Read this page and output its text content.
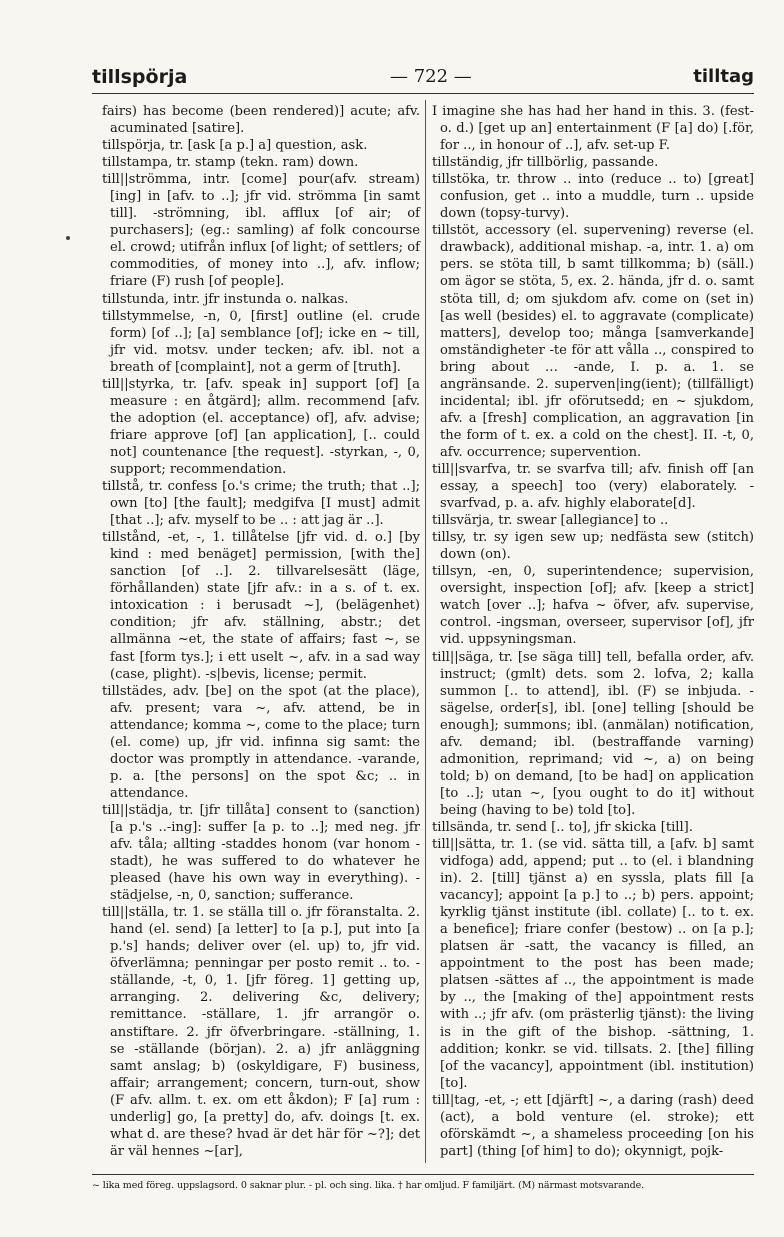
tillspörja	— 722 —	tilltag

fairs) has become (been rendered)] acute; afv. acuminated [satire].

tillspörja, tr. [ask [a p.] a] question, ask.

tillstampa, tr. stamp (tekn. ram) down.

till||strömma, intr. [come] pour(afv. stream)[ing] in [afv. to ..]; jfr vid. strömma [in samt till]. -strömning, ibl. afflux [of air; of purchasers]; (eg.: samling) af folk concourse el. crowd; utifrån influx [of light; of settlers; of commodities, of money into ..], afv. inflow; friare (F) rush [of people].

tillstunda, intr. jfr instunda o. nalkas.

tillstymmelse, -n, 0, [first] outline (el. crude form) [of ..]; [a] semblance [of]; icke en ~ till, jfr vid. motsv. under tecken; afv. ibl. not a breath of [complaint], not a germ of [truth].

till||styrka, tr. [afv. speak in] support [of] [a measure : en åtgärd]; allm. recommend [afv. the adoption (el. acceptance) of], afv. advise; friare approve [of] [an application], [.. could not] countenance [the request]. -styrkan, -, 0, support; recommendation.

tillstå, tr. confess [o.'s crime; the truth; that ..]; own [to] [the fault]; medgifva [I must] admit [that ..]; afv. myself to be .. : att jag är ..].

tillstånd, -et, -, 1. tillåtelse [jfr vid. d. o.] [by kind : med benäget] permission, [with the] sanction [of ..]. 2. tillvarelsesätt (läge, förhållanden) state [jfr afv.: in a s. of t. ex. intoxication : i berusadt ~], (belägenhet) condition; jfr afv. ställning, abstr.; det allmänna ~et, the state of affairs; fast ~, se fast [form tys.]; i ett uselt ~, afv. in a sad way (case, plight). -s|bevis, license; permit.

tillstädes, adv. [be] on the spot (at the place), afv. present; vara ~, afv. attend, be in attendance; komma ~, come to the place; turn (el. come) up, jfr vid. infinna sig samt: the doctor was promptly in attendance. -varande, p. a. [the persons] on the spot &c; .. in attendance.

till||städja, tr. [jfr tillåta] consent to (sanction) [a p.'s ..-ing]: suffer [a p. to ..]; med neg. jfr afv. tåla; allting -staddes honom (var honom -stadt), he was suffered to do whatever he pleased (have his own way in everything). -städjelse, -n, 0, sanction; sufferance.

till||ställa, tr. 1. se ställa till o. jfr föranstalta. 2. hand (el. send) [a letter] to [a p.], put into [a p.'s] hands; deliver over (el. up) to, jfr vid. öfverlämna; penningar per posto remit .. to. -ställande, -t, 0, 1. [jfr föreg. 1] getting up, arranging. 2. delivering &c, delivery; remittance. -ställare, 1. jfr arrangör o. anstiftare. 2. jfr öfverbringare. -ställning, 1. se -ställande (början). 2. a) jfr anläggning samt anslag; b) (oskyldigare, F) business, affair; arrangement; concern, turn-out, show (F afv. allm. t. ex. om ett åkdon); F [a] rum : underlig] go, [a pretty] do, afv. doings [t. ex. what d. are these? hvad är det här för ~?]; det är väl hennes ~[ar],

I imagine she has had her hand in this. 3. (fest- o. d.) [get up an] entertainment (F [a] do) [.för, for .., in honour of ..], afv. set-up F.

tillständig, jfr tillbörlig, passande.

tillstöka, tr. throw .. into (reduce .. to) [great] confusion, get .. into a muddle, turn .. upside down (topsy-turvy).

tillstöt, accessory (el. supervening) reverse (el. drawback), additional mishap. -a, intr. 1. a) om pers. se stöta till, b samt tillkomma; b) (säll.) om ägor se stöta, 5, ex. 2. hända, jfr d. o. samt stöta till, d; om sjukdom afv. come on (set in) [as well (besides) el. to aggravate (complicate) matters], develop too; många [samverkande] omständigheter -te för att vålla .., conspired to bring about … -ande, I. p. a. 1. se angränsande. 2. superven|ing(ient); (tillfälligt) incidental; ibl. jfr oförutsedd; en ~ sjukdom, afv. a [fresh] complication, an aggravation [in the form of t. ex. a cold on the chest]. II. -t, 0, afv. occurrence; supervention.

till||svarfva, tr. se svarfva till; afv. finish off [an essay, a speech] too (very) elaborately. -svarfvad, p. a. afv. highly elaborate[d].

tillsvärja, tr. swear [allegiance] to ..

tillsy, tr. sy igen sew up; nedfästa sew (stitch) down (on).

tillsyn, -en, 0, superintendence; supervision, oversight, inspection [of]; afv. [keep a strict] watch [over ..]; hafva ~ öfver, afv. supervise, control. -ingsman, overseer, supervisor [of], jfr vid. uppsyningsman.

till||säga, tr. [se säga till] tell, befalla order, afv. instruct; (gmlt) dets. som 2. lofva, 2; kalla summon [.. to attend], ibl. (F) se inbjuda. -sägelse, order[s], ibl. [one] telling [should be enough]; summons; ibl. (anmälan) notification, afv. demand; ibl. (bestraffande varning) admonition, reprimand; vid ~, a) on being told; b) on demand, [to be had] on application [to ..]; utan ~, [you ought to do it] without being (having to be) told [to].

tillsända, tr. send [.. to], jfr skicka [till].

till||sätta, tr. 1. (se vid. sätta till, a [afv. b] samt vidfoga) add, append; put .. to (el. i blandning in). 2. [till] tjänst a) en syssla, plats fill [a vacancy]; appoint [a p.] to ..; b) pers. appoint; kyrklig tjänst institute (ibl. collate) [.. to t. ex. a benefice]; friare confer (bestow) .. on [a p.]; platsen är -satt, the vacancy is filled, an appointment to the post has been made; platsen -sättes af .., the appointment is made by .., the [making of the] appointment rests with ..; jfr afv. (om prästerlig tjänst): the living is in the gift of the bishop. -sättning, 1. addition; konkr. se vid. tillsats. 2. [the] filling [of the vacancy], appointment (ibl. institution) [to].

till|tag, -et, -; ett [djärft] ~, a daring (rash) deed (act), a bold venture (el. stroke); ett oförskämdt ~, a shameless proceeding [on his part] (thing [of him] to do); okynnigt, pojk-

~ lika med föreg. uppslagsord. 0 saknar plur. - pl. och sing. lika. † har omljud. F familjärt. (M) närmast motsvarande.
